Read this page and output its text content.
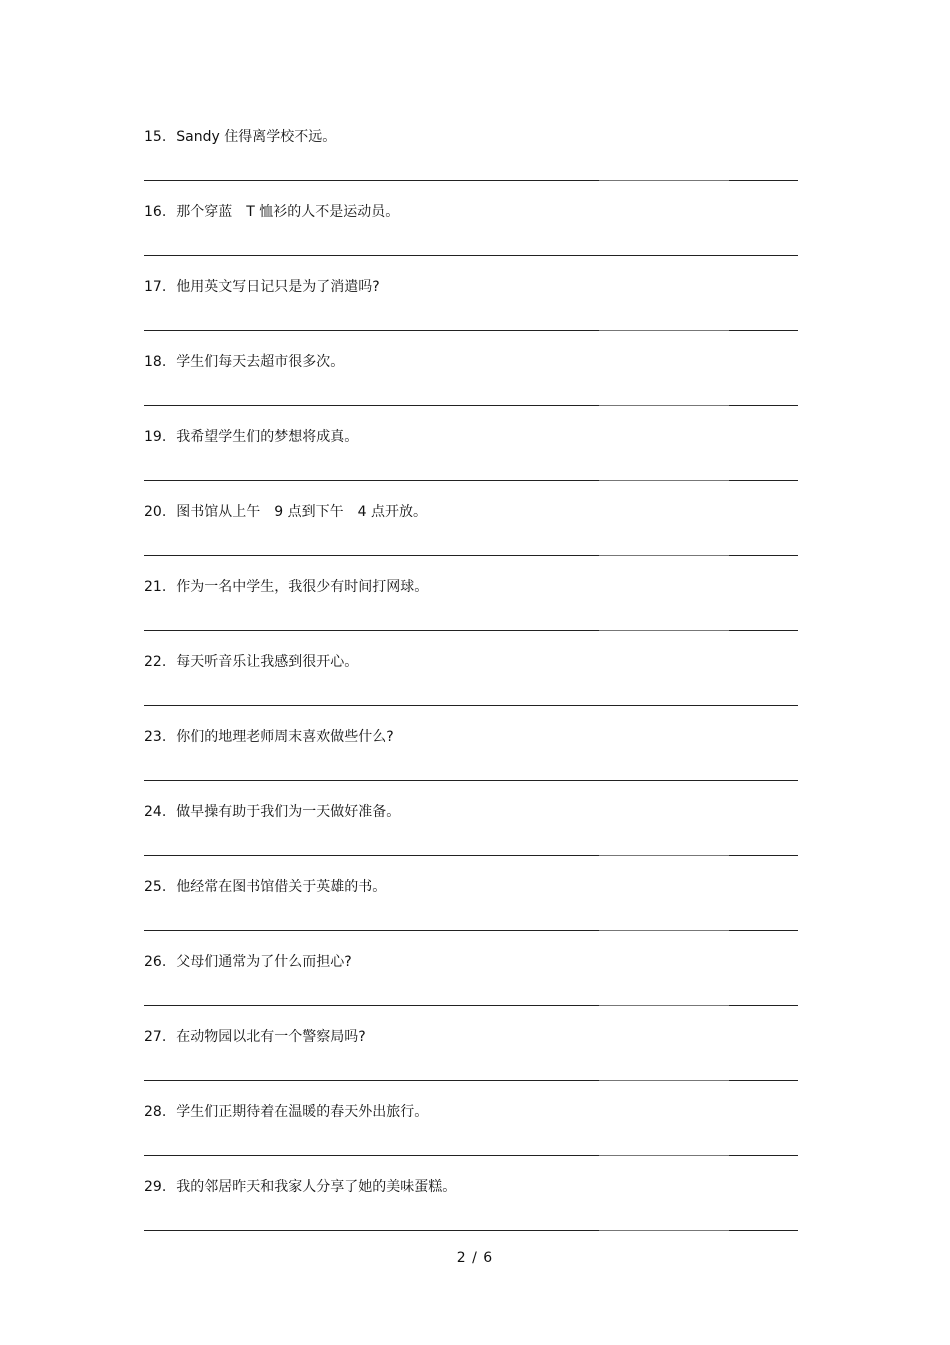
15. Sandy 住得离学校不远。
16. 那个穿蓝　T 恤衫的人不是运动员。
17. 他用英文写日记只是为了消遣吗?
18. 学生们每天去超市很多次。
19. 我希望学生们的梦想将成真。
20. 图书馆从上午　9 点到下午　4 点开放。
21. 作为一名中学生，我很少有时间打网球。
22. 每天听音乐让我感到很开心。
23. 你们的地理老师周末喜欢做些什么?
24. 做早操有助于我们为一天做好准备。
25. 他经常在图书馆借关于英雄的书。
26. 父母们通常为了什么而担心?
27. 在动物园以北有一个警察局吗?
28. 学生们正期待着在温暖的春天外出旅行。
29. 我的邻居昨天和我家人分享了她的美味蛋糕。
2 / 6
